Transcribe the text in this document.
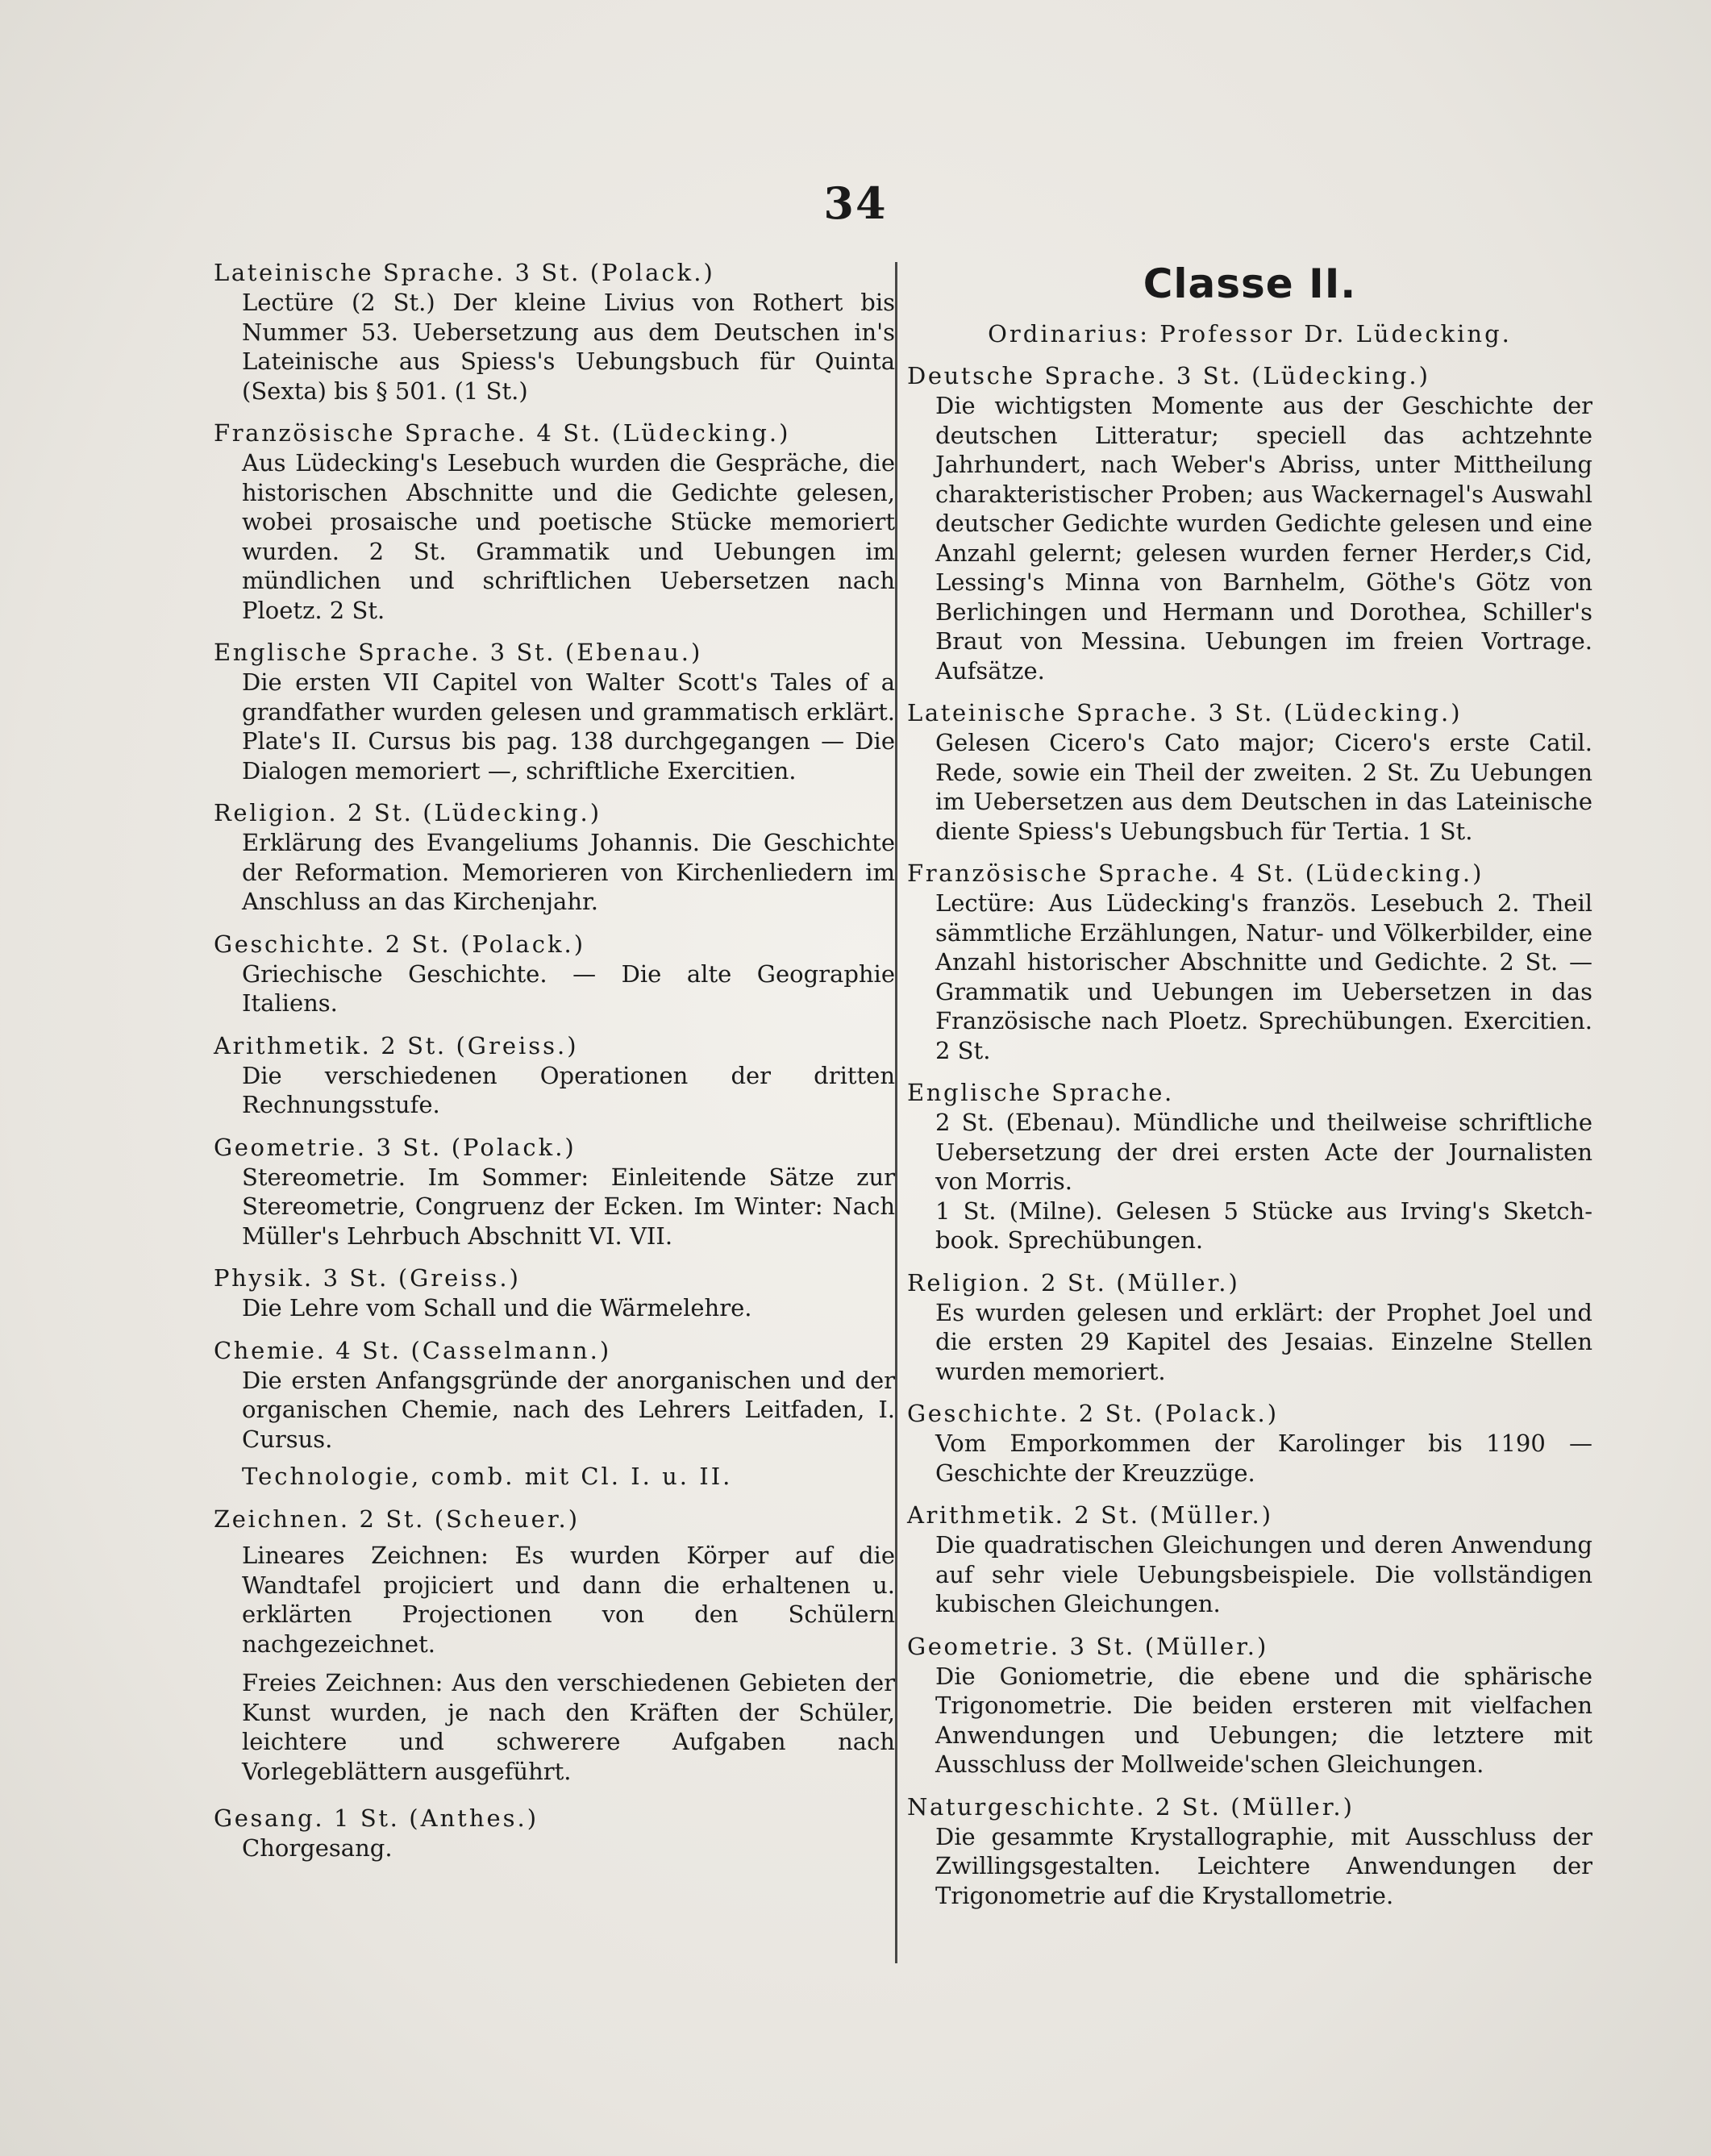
34
Lateinische Sprache. 3 St. (Polack.)
Lectüre (2 St.) Der kleine Livius von Rothert bis Nummer 53. Uebersetzung aus dem Deutschen in's Lateinische aus Spiess's Uebungsbuch für Quinta (Sexta) bis § 501. (1 St.)
Französische Sprache. 4 St. (Lüdecking.)
Aus Lüdecking's Lesebuch wurden die Gespräche, die historischen Abschnitte und die Gedichte gelesen, wobei prosaische und poetische Stücke memoriert wurden. 2 St. Grammatik und Uebungen im mündlichen und schriftlichen Uebersetzen nach Ploetz. 2 St.
Englische Sprache. 3 St. (Ebenau.)
Die ersten VII Capitel von Walter Scott's Tales of a grandfather wurden gelesen und grammatisch erklärt. Plate's II. Cursus bis pag. 138 durchgegangen — Die Dialogen memoriert —, schriftliche Exercitien.
Religion. 2 St. (Lüdecking.)
Erklärung des Evangeliums Johannis. Die Geschichte der Reformation. Memorieren von Kirchenliedern im Anschluss an das Kirchenjahr.
Geschichte. 2 St. (Polack.)
Griechische Geschichte. — Die alte Geographie Italiens.
Arithmetik. 2 St. (Greiss.)
Die verschiedenen Operationen der dritten Rechnungsstufe.
Geometrie. 3 St. (Polack.)
Stereometrie. Im Sommer: Einleitende Sätze zur Stereometrie, Congruenz der Ecken. Im Winter: Nach Müller's Lehrbuch Abschnitt VI. VII.
Physik. 3 St. (Greiss.)
Die Lehre vom Schall und die Wärmelehre.
Chemie. 4 St. (Casselmann.)
Die ersten Anfangsgründe der anorganischen und der organischen Chemie, nach des Lehrers Leitfaden, I. Cursus.
Technologie, comb. mit Cl. I. u. II.
Zeichnen. 2 St. (Scheuer.)
Lineares Zeichnen: Es wurden Körper auf die Wandtafel projiciert und dann die erhaltenen u. erklärten Projectionen von den Schülern nachgezeichnet.
Freies Zeichnen: Aus den verschiedenen Gebieten der Kunst wurden, je nach den Kräften der Schüler, leichtere und schwerere Aufgaben nach Vorlegeblättern ausgeführt.
Gesang. 1 St. (Anthes.)
Chorgesang.
Classe II.
Ordinarius: Professor Dr. Lüdecking.
Deutsche Sprache. 3 St. (Lüdecking.)
Die wichtigsten Momente aus der Geschichte der deutschen Litteratur; speciell das achtzehnte Jahrhundert, nach Weber's Abriss, unter Mittheilung charakteristischer Proben; aus Wackernagel's Auswahl deutscher Gedichte wurden Gedichte gelesen und eine Anzahl gelernt; gelesen wurden ferner Herder,s Cid, Lessing's Minna von Barnhelm, Göthe's Götz von Berlichingen und Hermann und Dorothea, Schiller's Braut von Messina. Uebungen im freien Vortrage. Aufsätze.
Lateinische Sprache. 3 St. (Lüdecking.)
Gelesen Cicero's Cato major; Cicero's erste Catil. Rede, sowie ein Theil der zweiten. 2 St. Zu Uebungen im Uebersetzen aus dem Deutschen in das Lateinische diente Spiess's Uebungsbuch für Tertia. 1 St.
Französische Sprache. 4 St. (Lüdecking.)
Lectüre: Aus Lüdecking's französ. Lesebuch 2. Theil sämmtliche Erzählungen, Natur- und Völkerbilder, eine Anzahl historischer Abschnitte und Gedichte. 2 St. — Grammatik und Uebungen im Uebersetzen in das Französische nach Ploetz. Sprechübungen. Exercitien. 2 St.
Englische Sprache.
2 St. (Ebenau). Mündliche und theilweise schriftliche Uebersetzung der drei ersten Acte der Journalisten von Morris.
1 St. (Milne). Gelesen 5 Stücke aus Irving's Sketch-book. Sprechübungen.
Religion. 2 St. (Müller.)
Es wurden gelesen und erklärt: der Prophet Joel und die ersten 29 Kapitel des Jesaias. Einzelne Stellen wurden memoriert.
Geschichte. 2 St. (Polack.)
Vom Emporkommen der Karolinger bis 1190 — Geschichte der Kreuzzüge.
Arithmetik. 2 St. (Müller.)
Die quadratischen Gleichungen und deren Anwendung auf sehr viele Uebungsbeispiele. Die vollständigen kubischen Gleichungen.
Geometrie. 3 St. (Müller.)
Die Goniometrie, die ebene und die sphärische Trigonometrie. Die beiden ersteren mit vielfachen Anwendungen und Uebungen; die letztere mit Ausschluss der Mollweide'schen Gleichungen.
Naturgeschichte. 2 St. (Müller.)
Die gesammte Krystallographie, mit Ausschluss der Zwillingsgestalten. Leichtere Anwendungen der Trigonometrie auf die Krystallometrie.
